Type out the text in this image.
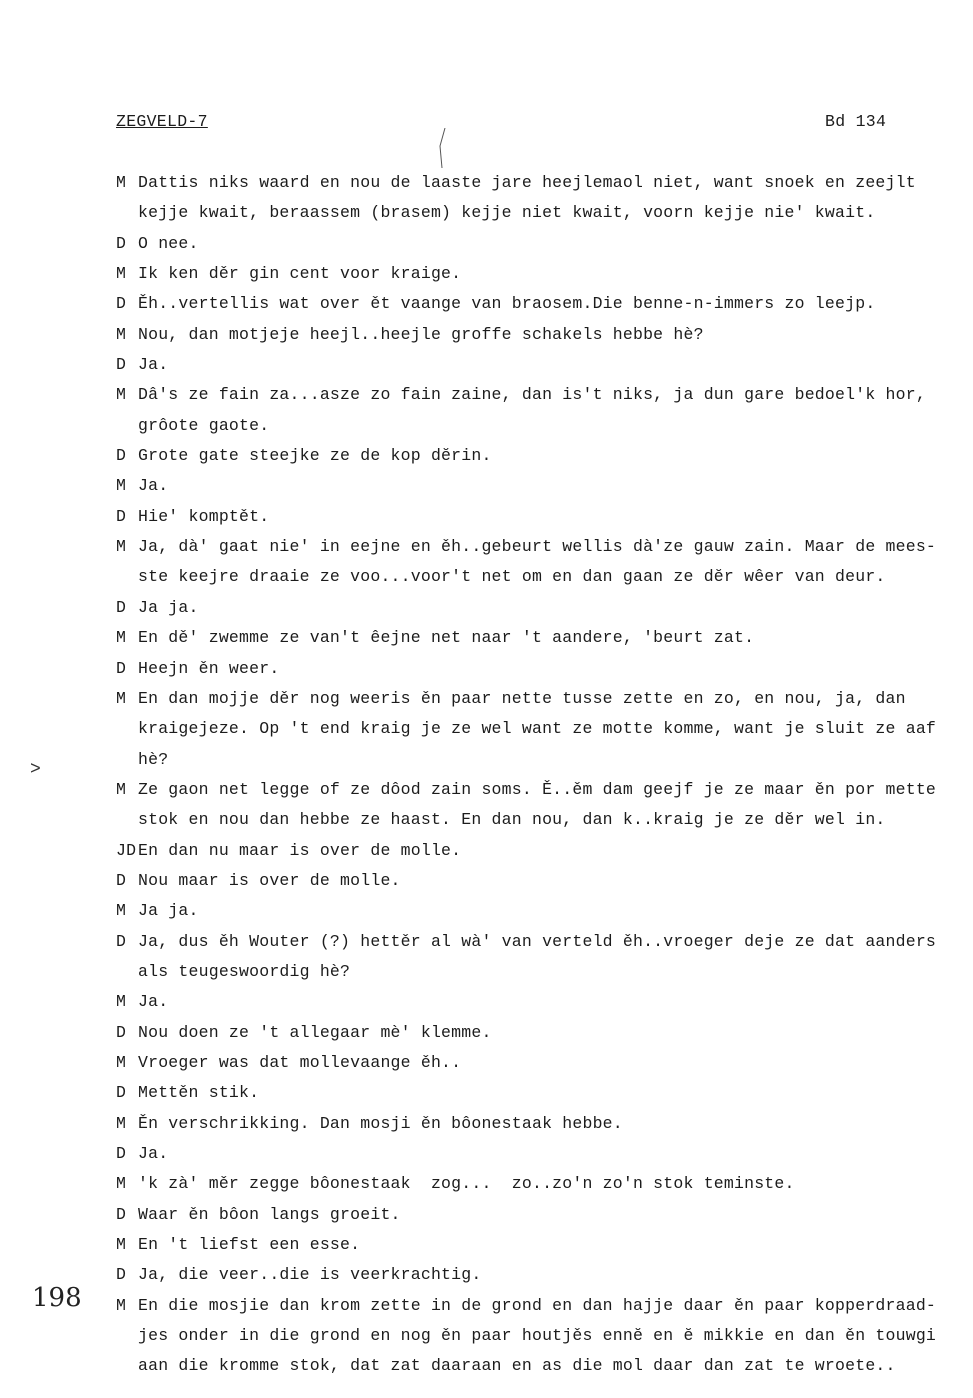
ZEGVELD-7	Bd 134
>
198
M Dattis niks waard en nou de laaste jare heejlemaol niet, want snoek en zeejlt
kejje kwait, beraassem (brasem) kejje niet kwait, voorn kejje nie' kwait.
D O nee.
M Ik ken děr gin cent voor kraige.
D Ěh..vertellis wat over ět vaange van braosem.Die benne-n-immers zo leejp.
M Nou, dan motjeje heejl..heejle groffe schakels hebbe hè?
D Ja.
M Dâ's ze fain za...asze zo fain zaine, dan is't niks, ja dun gare bedoel'k hor,
grôote gaote.
D Grote gate steejke ze de kop dĕrin.
M Ja.
D Hie' komptět.
M Ja, dà' gaat nie' in eejne en ěh..gebeurt wellis dà'ze gauw zain. Maar de mees-
ste keejre draaie ze voo...voor't net om en dan gaan ze dĕr wêer van deur.
D Ja ja.
M En dě' zwemme ze van't êejne net naar 't aandere, 'beurt zat.
D Heejn ěn weer.
M En dan mojje děr nog weeris ěn paar nette tusse zette en zo, en nou, ja, dan
kraigejeze. Op 't end kraig je ze wel want ze motte komme, want je sluit ze aaf
hè?
M Ze gaon net legge of ze dôod zain soms. Ě..ěm dam geejf je ze maar ěn por mette
stok en nou dan hebbe ze haast. En dan nou, dan k..kraig je ze děr wel in.
JD En dan nu maar is over de molle.
D Nou maar is over de molle.
M Ja ja.
D Ja, dus ěh Wouter (?) hettěr al wà' van verteld ěh..vroeger deje ze dat aanders
als teugeswoordig hè?
M Ja.
D Nou doen ze 't allegaar mè' klemme.
M Vroeger was dat mollevaange ěh..
D Mettěn stik.
M Ěn verschrikking. Dan mosji ěn bôonestaak hebbe.
D Ja.
M 'k zà' měr zegge bôonestaak  zog...  zo..zo'n zo'n stok teminste.
D Waar ěn bôon langs groeit.
M En 't liefst een esse.
D Ja, die veer..die is veerkrachtig.
M En die mosjie dan krom zette in de grond en dan hajje daar ěn paar kopperdraad-
jes onder in die grond en nog ěn paar houtjěs ennĕ en ĕ mikkie en dan ěn touwgi
aan die kromme stok, dat zat daaraan en as die mol daar dan zat te wroete..
